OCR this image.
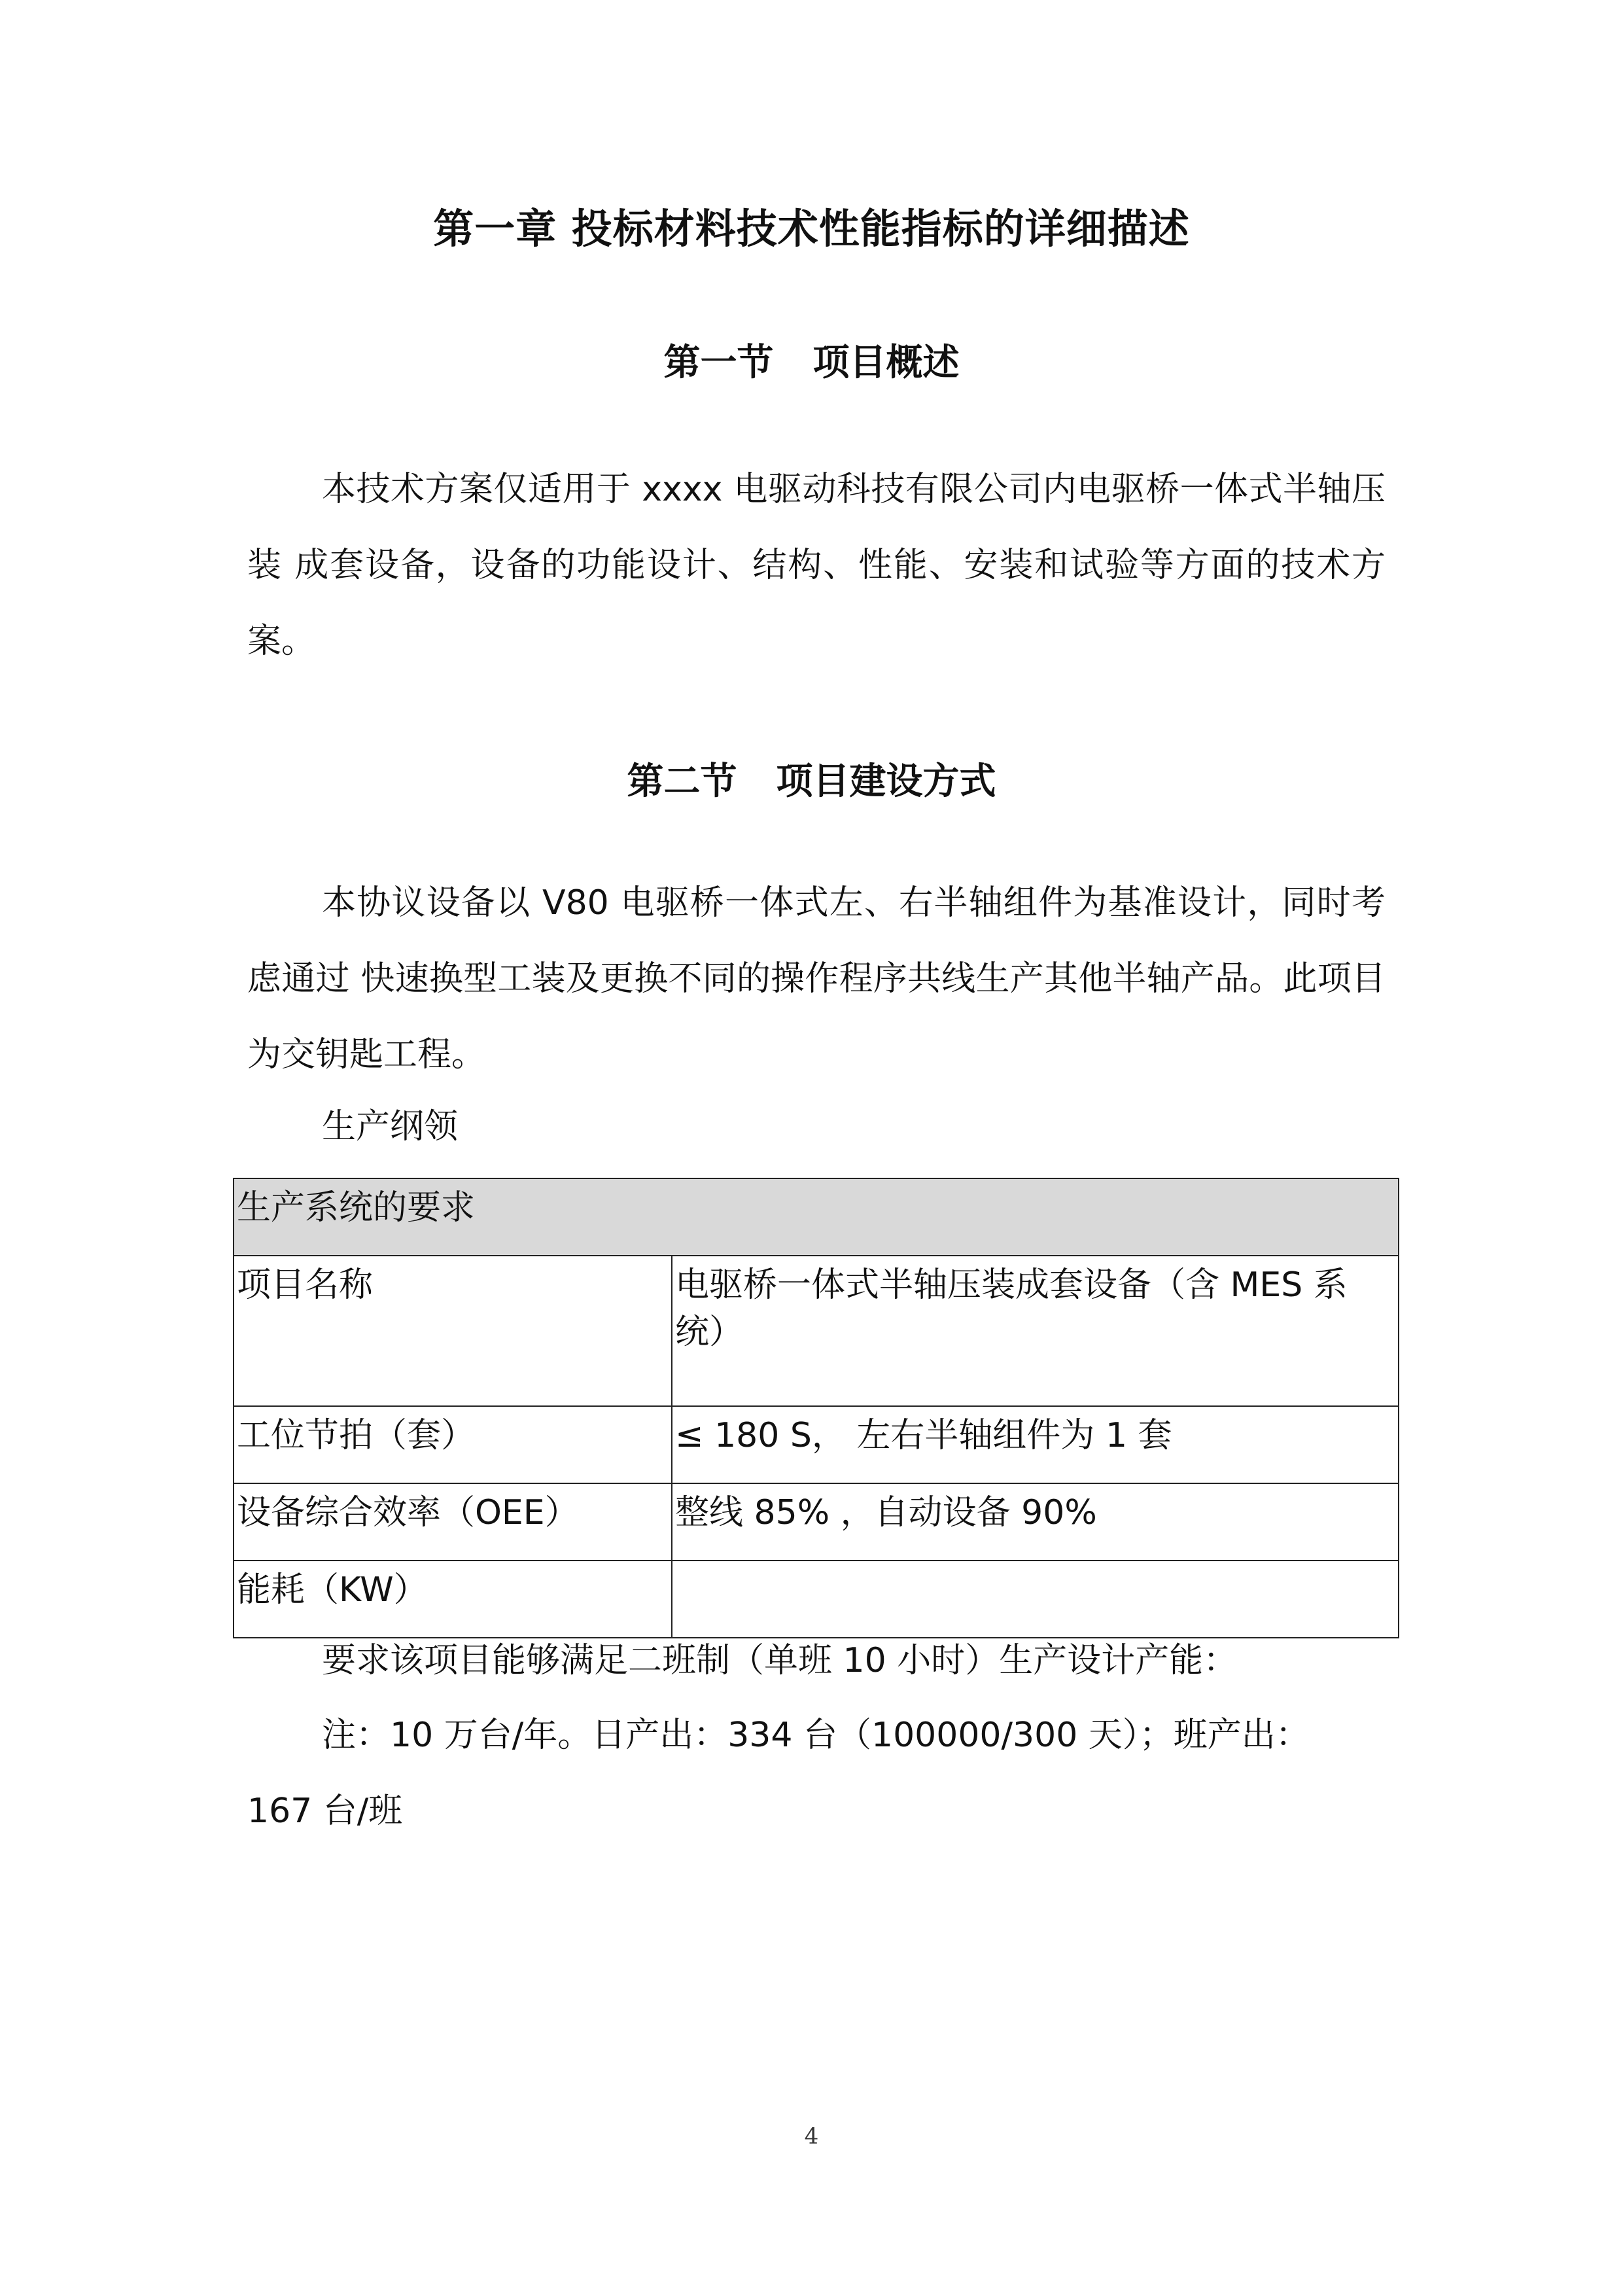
第一章 投标材料技术性能指标的详细描述
第一节 项目概述
本技术方案仅适用于 xxxx 电驱动科技有限公司内电驱桥一体式半轴压装 成套设备，设备的功能设计、结构、性能、安装和试验等方面的技术方案。
第二节 项目建设方式
本协议设备以 V80 电驱桥一体式左、右半轴组件为基准设计，同时考虑通过 快速换型工装及更换不同的操作程序共线生产其他半轴产品。此项目为交钥匙工程。
生产纲领
生产系统的要求	
项目名称	电驱桥一体式半轴压装成套设备（含 MES 系统）
工位节拍（套）	≤ 180 S， 左右半轴组件为 1 套
设备综合效率（OEE）	整线 85% ，自动设备 90%
能耗（KW）	
要求该项目能够满足二班制（单班 10 小时）生产设计产能：
注：10 万台/年。日产出：334 台（100000/300 天）；班产出：
167 台/班
4
